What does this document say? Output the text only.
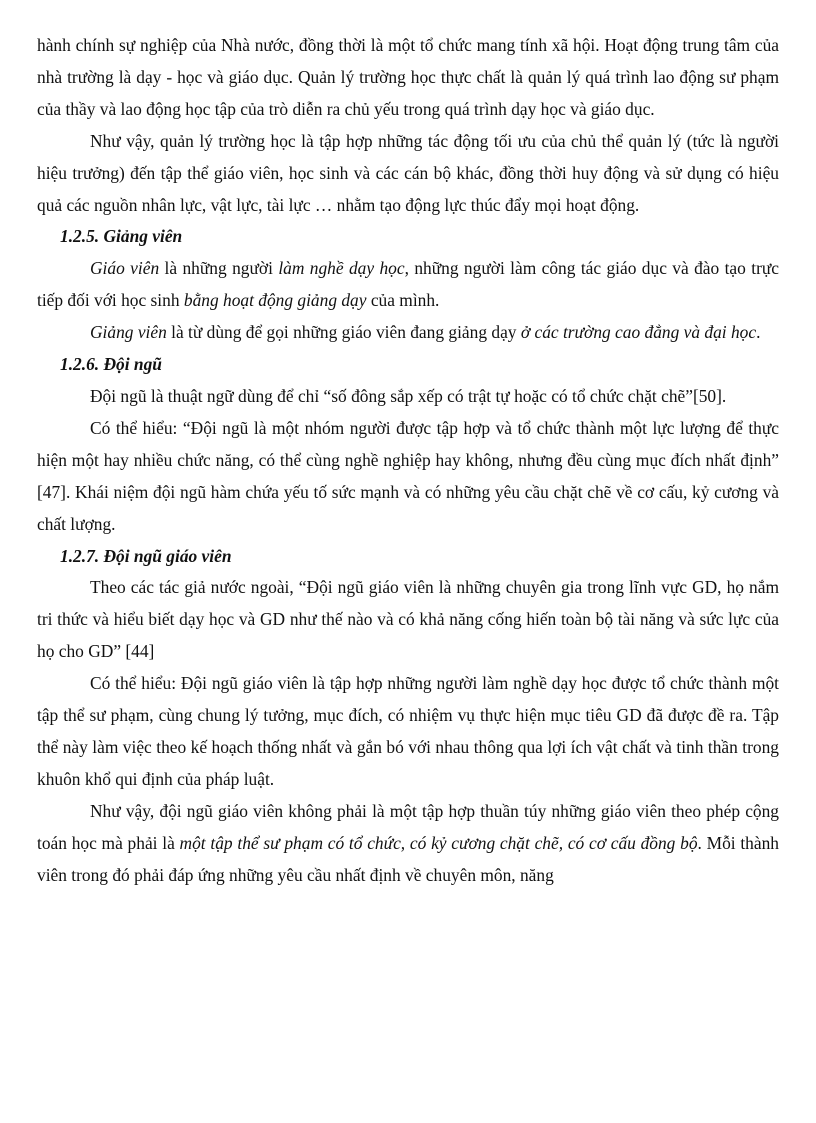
hành chính sự nghiệp của Nhà nước, đồng thời là một tổ chức mang tính xã hội. Hoạt động trung tâm của nhà trường là dạy - học và giáo dục. Quản lý trường học thực chất là quản lý quá trình lao động sư phạm của thầy và lao động học tập của trò diễn ra chủ yếu trong quá trình dạy học và giáo dục.

Như vậy, quản lý trường học là tập hợp những tác động tối ưu của chủ thể quản lý (tức là người hiệu trưởng) đến tập thể giáo viên, học sinh và các cán bộ khác, đồng thời huy động và sử dụng có hiệu quả các nguồn nhân lực, vật lực, tài lực … nhằm tạo động lực thúc đẩy mọi hoạt động.

1.2.5. Giảng viên

Giáo viên là những người làm nghề dạy học, những người làm công tác giáo dục và đào tạo trực tiếp đối với học sinh bằng hoạt động giảng dạy của mình.

Giảng viên là từ dùng để gọi những giáo viên đang giảng dạy ở các trường cao đẳng và đại học.

1.2.6. Đội ngũ

Đội ngũ là thuật ngữ dùng để chỉ “số đông sắp xếp có trật tự hoặc có tổ chức chặt chẽ”[50].

Có thể hiểu: “Đội ngũ là một nhóm người được tập hợp và tổ chức thành một lực lượng để thực hiện một hay nhiều chức năng, có thể cùng nghề nghiệp hay không, nhưng đều cùng mục đích nhất định” [47]. Khái niệm đội ngũ hàm chứa yếu tố sức mạnh và có những yêu cầu chặt chẽ về cơ cấu, kỷ cương và chất lượng.

1.2.7. Đội ngũ giáo viên

Theo các tác giả nước ngoài, “Đội ngũ giáo viên là những chuyên gia trong lĩnh vực GD, họ nắm tri thức và hiểu biết dạy học và GD như thế nào và có khả năng cống hiến toàn bộ tài năng và sức lực của họ cho GD” [44]

Có thể hiểu: Đội ngũ giáo viên là tập hợp những người làm nghề dạy học được tổ chức thành một tập thể sư phạm, cùng chung lý tưởng, mục đích, có nhiệm vụ thực hiện mục tiêu GD đã được đề ra. Tập thể này làm việc theo kế hoạch thống nhất và gắn bó với nhau thông qua lợi ích vật chất và tinh thần trong khuôn khổ qui định của pháp luật.

Như vậy, đội ngũ giáo viên không phải là một tập hợp thuần túy những giáo viên theo phép cộng toán học mà phải là một tập thể sư phạm có tổ chức, có kỷ cương chặt chẽ, có cơ cấu đồng bộ. Mỗi thành viên trong đó phải đáp ứng những yêu cầu nhất định về chuyên môn, năng
